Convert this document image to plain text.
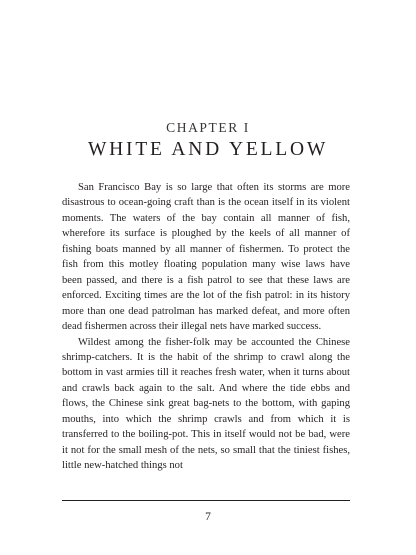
CHAPTER I
WHITE AND YELLOW

San Francisco Bay is so large that often its storms are more disastrous to ocean-going craft than is the ocean itself in its violent moments. The waters of the bay contain all manner of fish, wherefore its surface is ploughed by the keels of all manner of fishing boats manned by all manner of fishermen. To protect the fish from this motley floating population many wise laws have been passed, and there is a fish patrol to see that these laws are enforced. Exciting times are the lot of the fish patrol: in its history more than one dead patrolman has marked defeat, and more often dead fishermen across their illegal nets have marked success.

Wildest among the fisher-folk may be accounted the Chinese shrimp-catchers. It is the habit of the shrimp to crawl along the bottom in vast armies till it reaches fresh water, when it turns about and crawls back again to the salt. And where the tide ebbs and flows, the Chinese sink great bag-nets to the bottom, with gaping mouths, into which the shrimp crawls and from which it is transferred to the boiling-pot. This in itself would not be bad, were it not for the small mesh of the nets, so small that the tiniest fishes, little new-hatched things not

7
